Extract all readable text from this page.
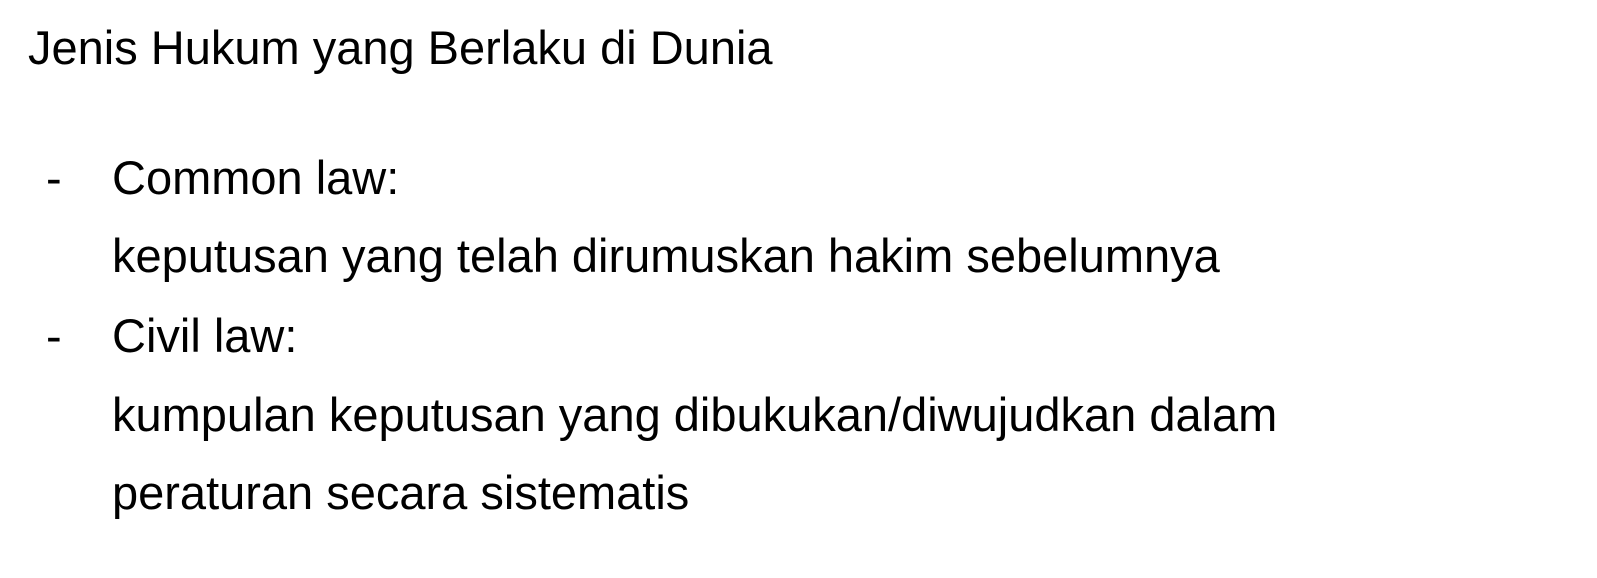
Jenis Hukum yang Berlaku di Dunia
- Common law:
keputusan yang telah dirumuskan hakim sebelumnya
- Civil law:
kumpulan keputusan yang dibukukan/diwujudkan dalam
peraturan secara sistematis
